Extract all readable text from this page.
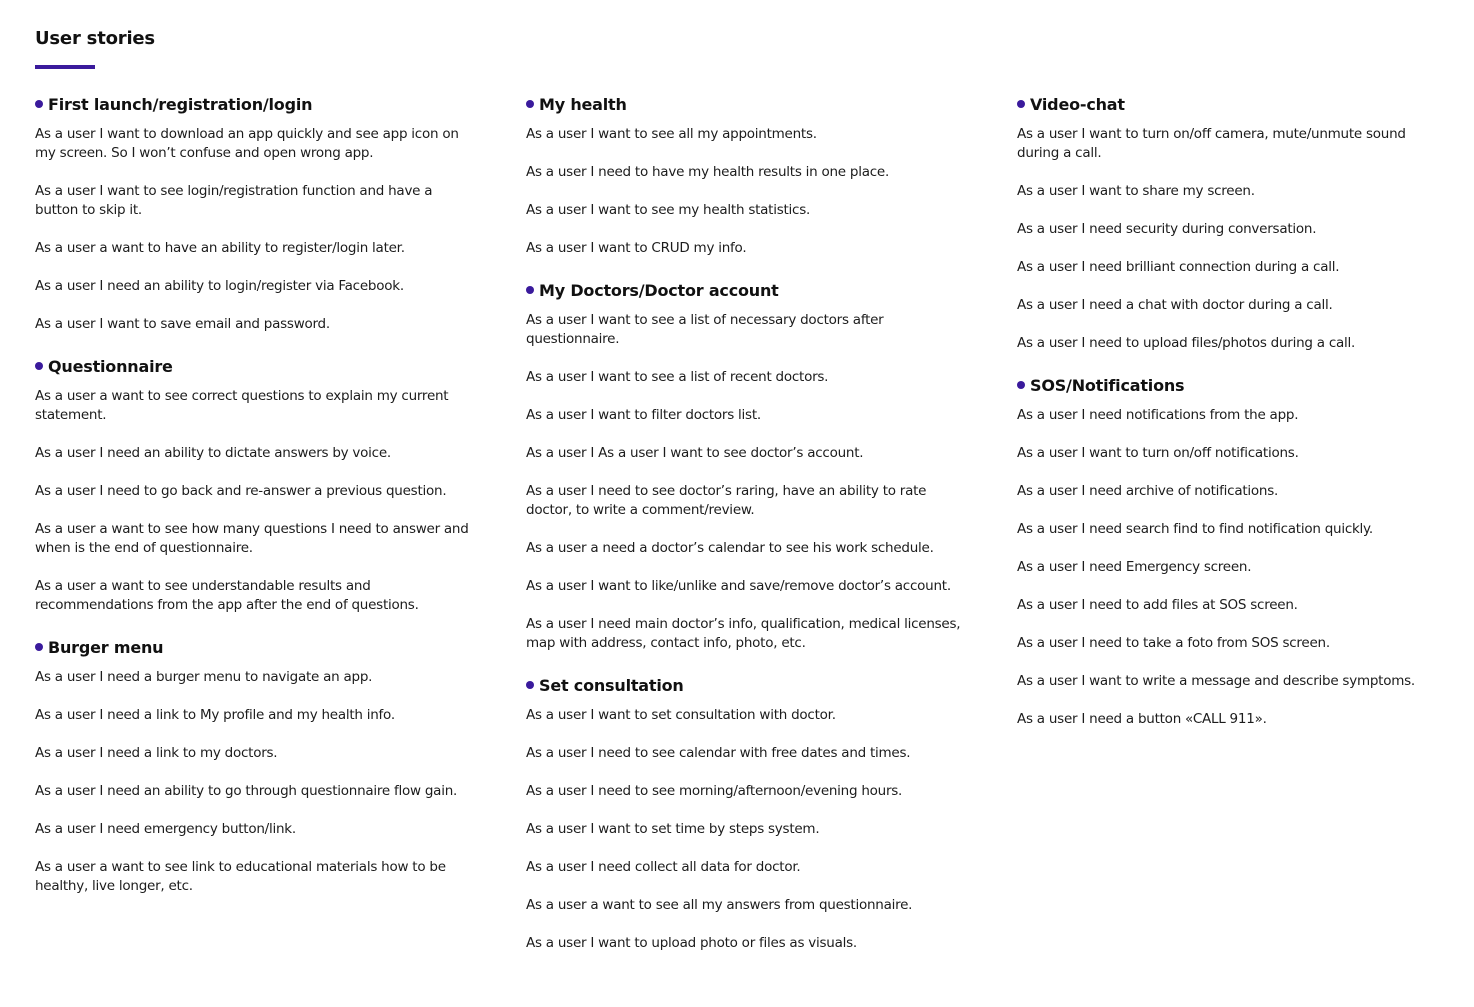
User stories
First launch/registration/login

As a user I want to download an app quickly and see app icon on my screen. So I won’t confuse and open wrong app.

As a user I want to see login/registration function and have a button to skip it.

As a user a want to have an ability to register/login later.

As a user I need an ability to login/register via Facebook.

As a user I want to save email and password.

Questionnaire

As a user a want to see correct questions to explain my current statement.

As a user I need an ability to dictate answers by voice.

As a user I need to go back and re-answer a previous question.

As a user a want to see how many questions I need to answer and when is the end of questionnaire.

As a user a want to see understandable results and recommendations from the app after the end of questions.

Burger menu

As a user I need a burger menu to navigate an app.

As a user I need a link to My profile and my health info.

As a user I need a link to my doctors.

As a user I need an ability to go through questionnaire flow gain.

As a user I need emergency button/link.

As a user a want to see link to educational materials how to be healthy, live longer, etc.

My health

As a user I want to see all my appointments.

As a user I need to have my health results in one place.

As a user I want to see my health statistics.

As a user I want to CRUD my info.

My Doctors/Doctor account

As a user I want to see a list of necessary doctors after questionnaire.

As a user I want to see a list of recent doctors.

As a user I want to filter doctors list.

As a user I As a user I want to see doctor’s account.

As a user I need to see doctor’s raring, have an ability to rate doctor, to write a comment/review.

As a user a need a doctor’s calendar to see his work schedule.

As a user I want to like/unlike and save/remove doctor’s account.

As a user I need main doctor’s info, qualification, medical licenses, map with address, contact info, photo, etc.

Set consultation

As a user I want to set consultation with doctor.

As a user I need to see calendar with free dates and times.

As a user I need to see morning/afternoon/evening hours.

As a user I want to set time by steps system.

As a user I need collect all data for doctor.

As a user a want to see all my answers from questionnaire.

As a user I want to upload photo or files as visuals.

Video-chat

As a user I want to turn on/off camera, mute/unmute sound during a call.

As a user I want to share my screen.

As a user I need security during conversation.

As a user I need brilliant connection during a call.

As a user I need a chat with doctor during a call.

As a user I need to upload files/photos during a call.

SOS/Notifications

As a user I need notifications from the app.

As a user I want to turn on/off notifications.

As a user I need archive of notifications.

As a user I need search find to find notification quickly.

As a user I need Emergency screen.

As a user I need to add files at SOS screen.

As a user I need to take a foto from SOS screen.

As a user I want to write a message and describe symptoms.

As a user I need a button «CALL 911».
